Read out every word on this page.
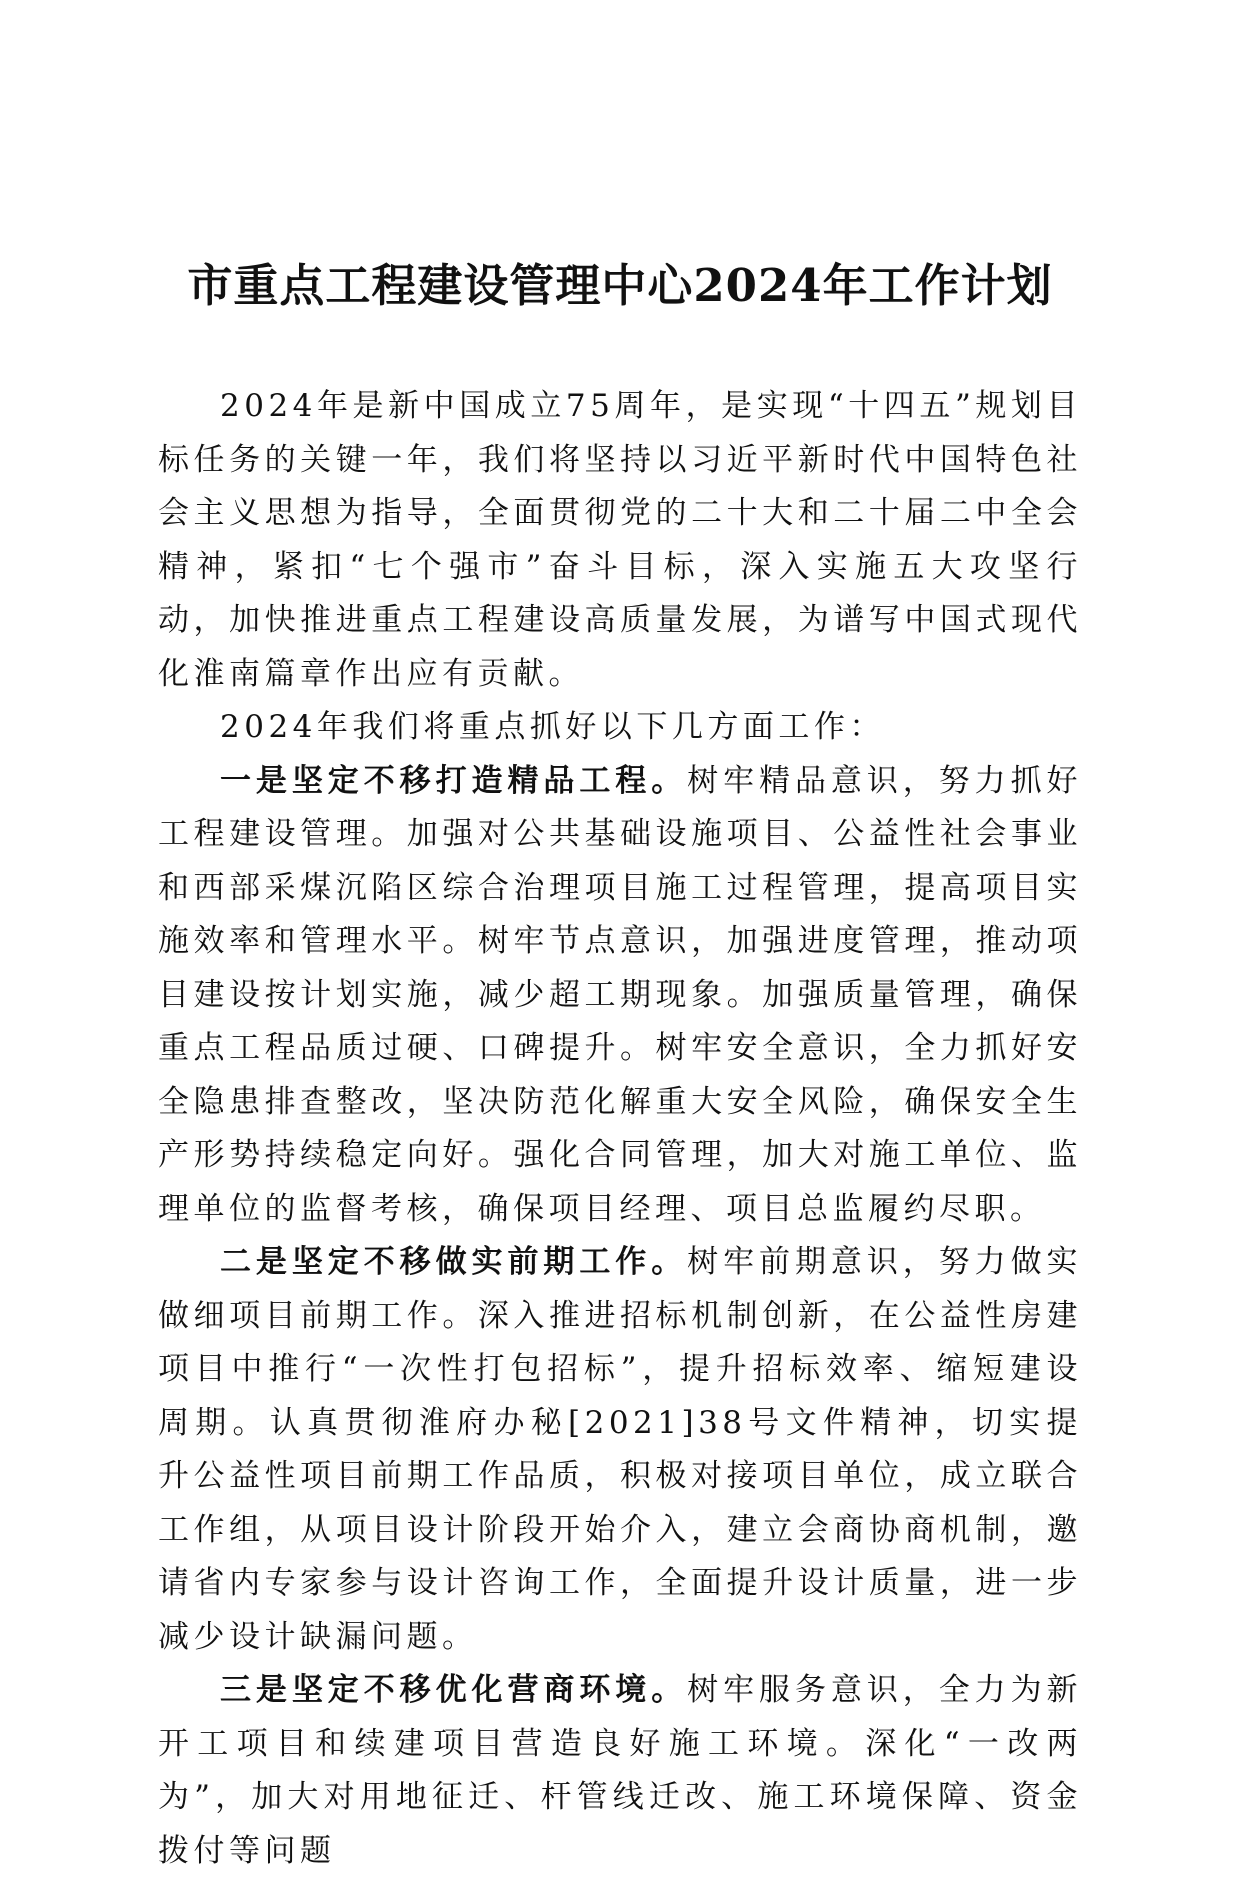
市重点工程建设管理中心2024年工作计划

2024年是新中国成立75周年，是实现“十四五”规划目标任务的关键一年，我们将坚持以习近平新时代中国特色社会主义思想为指导，全面贯彻党的二十大和二十届二中全会精神，紧扣“七个强市”奋斗目标，深入实施五大攻坚行动，加快推进重点工程建设高质量发展，为谱写中国式现代化淮南篇章作出应有贡献。

2024年我们将重点抓好以下几方面工作：

一是坚定不移打造精品工程。树牢精品意识，努力抓好工程建设管理。加强对公共基础设施项目、公益性社会事业和西部采煤沉陷区综合治理项目施工过程管理，提高项目实施效率和管理水平。树牢节点意识，加强进度管理，推动项目建设按计划实施，减少超工期现象。加强质量管理，确保重点工程品质过硬、口碑提升。树牢安全意识，全力抓好安全隐患排查整改，坚决防范化解重大安全风险，确保安全生产形势持续稳定向好。强化合同管理，加大对施工单位、监理单位的监督考核，确保项目经理、项目总监履约尽职。

二是坚定不移做实前期工作。树牢前期意识，努力做实做细项目前期工作。深入推进招标机制创新，在公益性房建项目中推行“一次性打包招标”，提升招标效率、缩短建设周期。认真贯彻淮府办秘[2021]38号文件精神，切实提升公益性项目前期工作品质，积极对接项目单位，成立联合工作组，从项目设计阶段开始介入，建立会商协商机制，邀请省内专家参与设计咨询工作，全面提升设计质量，进一步减少设计缺漏问题。

三是坚定不移优化营商环境。树牢服务意识，全力为新开工项目和续建项目营造良好施工环境。深化“一改两为”，加大对用地征迁、杆管线迁改、施工环境保障、资金拨付等问题
